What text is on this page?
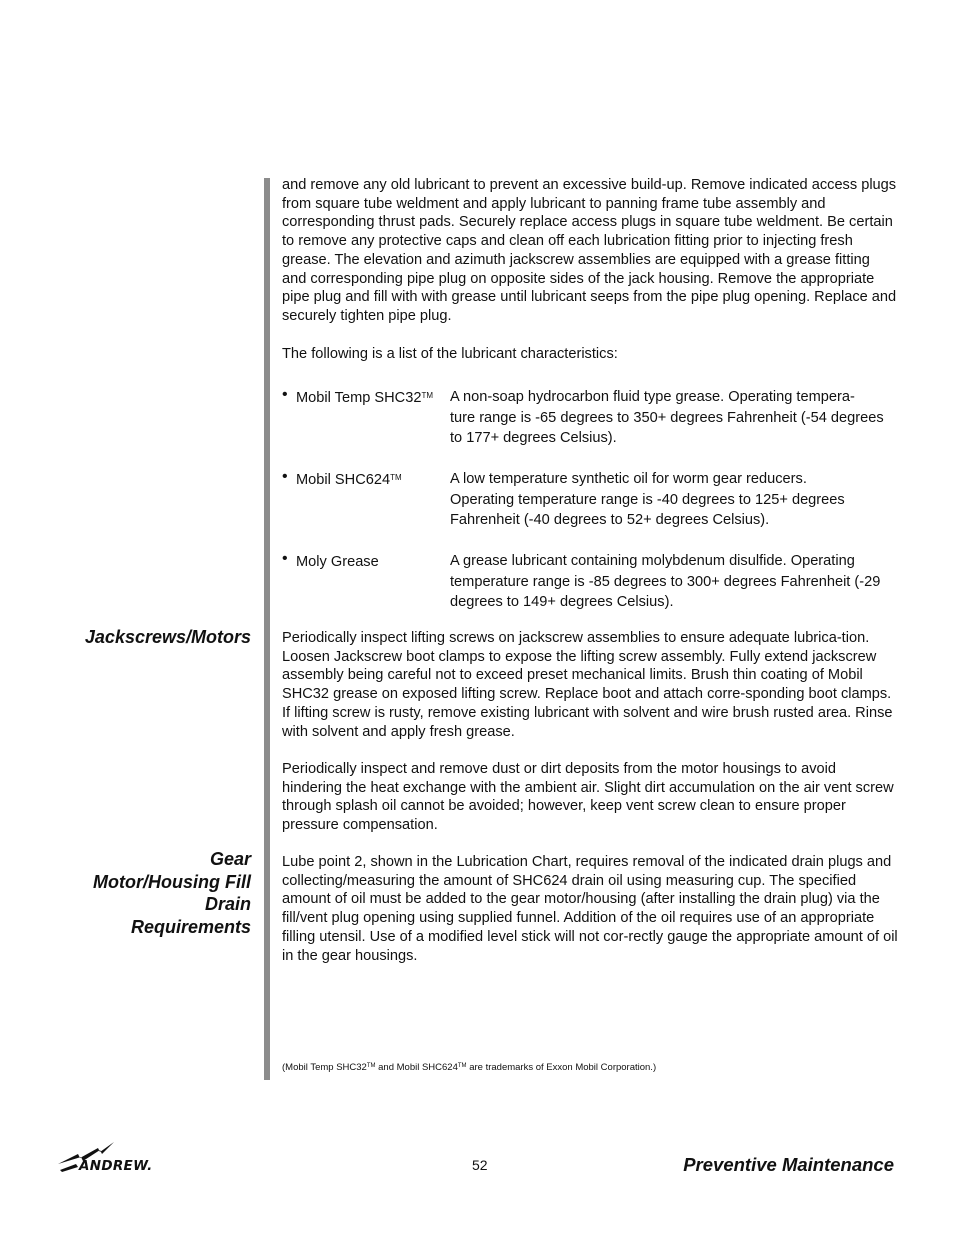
and remove any old lubricant to prevent an excessive build-up. Remove indicated access plugs from square tube weldment and apply lubricant to panning frame tube assembly and corresponding thrust pads. Securely replace access plugs in square tube weldment. Be certain to remove any protective caps and clean off each lubrication fitting prior to injecting fresh grease. The elevation and azimuth jackscrew assemblies are equipped with a grease fitting and corresponding pipe plug on opposite sides of the jack housing. Remove the appropriate pipe plug and fill with with grease until lubricant seeps from the pipe plug opening. Replace and securely tighten pipe plug.

The following is a list of the lubricant characteristics:

• Mobil Temp SHC32™ A non-soap hydrocarbon fluid type grease. Operating tempera-
ture range is -65 degrees to 350+ degrees Fahrenheit (-54 degrees to 177+ degrees Celsius).
• Mobil SHC624™	A low temperature synthetic oil for worm gear reducers.
Operating temperature range is -40 degrees to 125+ degrees Fahrenheit (-40 degrees to 52+ degrees Celsius).
• Moly Grease	A grease lubricant containing molybdenum disulfide. Operating
temperature range is -85 degrees to 300+ degrees Fahrenheit (-29 degrees to 149+ degrees Celsius).
Jackscrews/Motors Periodically inspect lifting screws on jackscrew assemblies to ensure adequate lubrica-tion. Loosen Jackscrew boot clamps to expose the lifting screw assembly. Fully extend jackscrew assembly being careful not to exceed preset mechanical limits. Brush thin coating of Mobil SHC32 grease on exposed lifting screw. Replace boot and attach corre-sponding boot clamps. If lifting screw is rusty, remove existing lubricant with solvent and wire brush rusted area. Rinse with solvent and apply fresh grease.

Periodically inspect and remove dust or dirt deposits from the motor housings to avoid hindering the heat exchange with the ambient air. Slight dirt accumulation on the air vent screw through splash oil cannot be avoided; however, keep vent screw clean to ensure proper pressure compensation.

Gear
Motor/Housing Fill
Drain
Requirements

Lube point 2, shown in the Lubrication Chart, requires removal of the indicated drain plugs and collecting/measuring the amount of SHC624 drain oil using measuring cup. The specified amount of oil must be added to the gear motor/housing (after installing the drain plug) via the fill/vent plug opening using supplied funnel. Addition of the oil requires use of an appropriate filling utensil. Use of a modified level stick will not cor-rectly gauge the appropriate amount of oil in the gear housings.

(Mobil Temp SHC32™ and Mobil SHC624™ are trademarks of Exxon Mobil Corporation.)
ANDREW.	52	Preventive Maintenance
